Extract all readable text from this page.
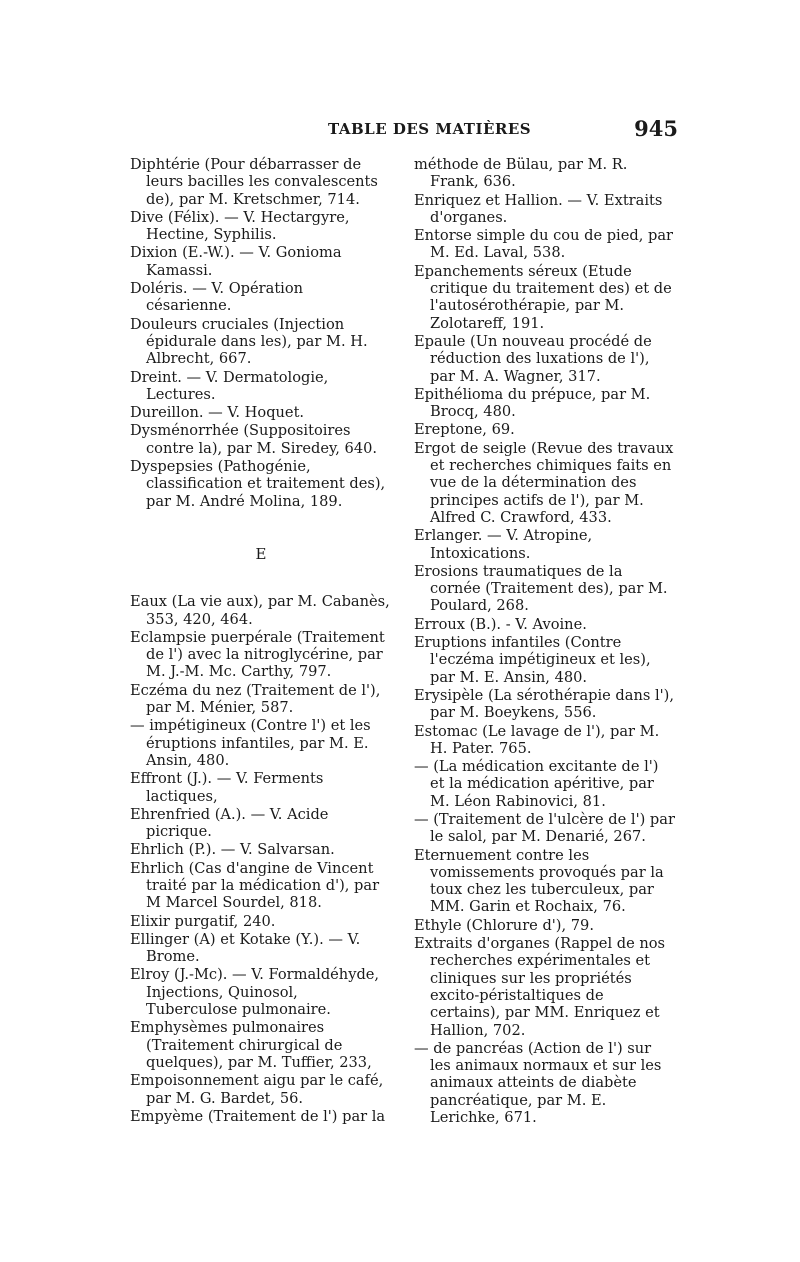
TABLE DES MATIÈRES	945

Diphtérie (Pour débarrasser de leurs bacilles les convalescents de), par M. Kretschmer, 714.

Dive (Félix). — V. Hectargyre, Hectine, Syphilis.

Dixion (E.-W.). — V. Gonioma Kamassi.

Doléris. — V. Opération césarienne.

Douleurs cruciales (Injection épidurale dans les), par M. H. Albrecht, 667.

Dreint. — V. Dermatologie, Lectures.

Dureillon. — V. Hoquet.

Dysménorrhée (Suppositoires contre la), par M. Siredey, 640.

Dyspepsies (Pathogénie, classification et traitement des), par M. André Molina, 189.

E

Eaux (La vie aux), par M. Cabanès, 353, 420, 464.

Eclampsie puerpérale (Traitement de l') avec la nitroglycérine, par M. J.-M. Mc. Carthy, 797.

Eczéma du nez (Traitement de l'), par M. Ménier, 587.

— impétigineux (Contre l') et les éruptions infantiles, par M. E. Ansin, 480.

Effront (J.). — V. Ferments lactiques,

Ehrenfried (A.). — V. Acide picrique.

Ehrlich (P.). — V. Salvarsan.

Ehrlich (Cas d'angine de Vincent traité par la médication d'), par M Marcel Sourdel, 818.

Elixir purgatif, 240.

Ellinger (A) et Kotake (Y.). — V. Brome.

Elroy (J.-Mc). — V. Formaldéhyde, Injections, Quinosol, Tuberculose pulmonaire.

Emphysèmes pulmonaires (Traitement chirurgical de quelques), par M. Tuffier, 233,

Empoisonnement aigu par le café, par M. G. Bardet, 56.

Empyème (Traitement de l') par la

méthode de Bülau, par M. R. Frank, 636.

Enriquez et Hallion. — V. Extraits d'organes.

Entorse simple du cou de pied, par M. Ed. Laval, 538.

Epanchements séreux (Etude critique du traitement des) et de l'autosérothérapie, par M. Zolotareff, 191.

Epaule (Un nouveau procédé de réduction des luxations de l'), par M. A. Wagner, 317.

Epithélioma du prépuce, par M. Brocq, 480.

Ereptone, 69.

Ergot de seigle (Revue des travaux et recherches chimiques faits en vue de la détermination des principes actifs de l'), par M. Alfred C. Crawford, 433.

Erlanger. — V. Atropine, Intoxications.

Erosions traumatiques de la cornée (Traitement des), par M. Poulard, 268.

Erroux (B.). - V. Avoine.

Eruptions infantiles (Contre l'eczéma impétigineux et les), par M. E. Ansin, 480.

Erysipèle (La sérothérapie dans l'), par M. Boeykens, 556.

Estomac (Le lavage de l'), par M. H. Pater. 765.

— (La médication excitante de l') et la médication apéritive, par M. Léon Rabinovici, 81.

— (Traitement de l'ulcère de l') par le salol, par M. Denarié, 267.

Eternuement contre les vomissements provoqués par la toux chez les tuberculeux, par MM. Garin et Rochaix, 76.

Ethyle (Chlorure d'), 79.

Extraits d'organes (Rappel de nos recherches expérimentales et cliniques sur les propriétés excito-péristaltiques de certains), par MM. Enriquez et Hallion, 702.

— de pancréas (Action de l') sur les animaux normaux et sur les animaux atteints de diabète pancréatique, par M. E. Lerichke, 671.
